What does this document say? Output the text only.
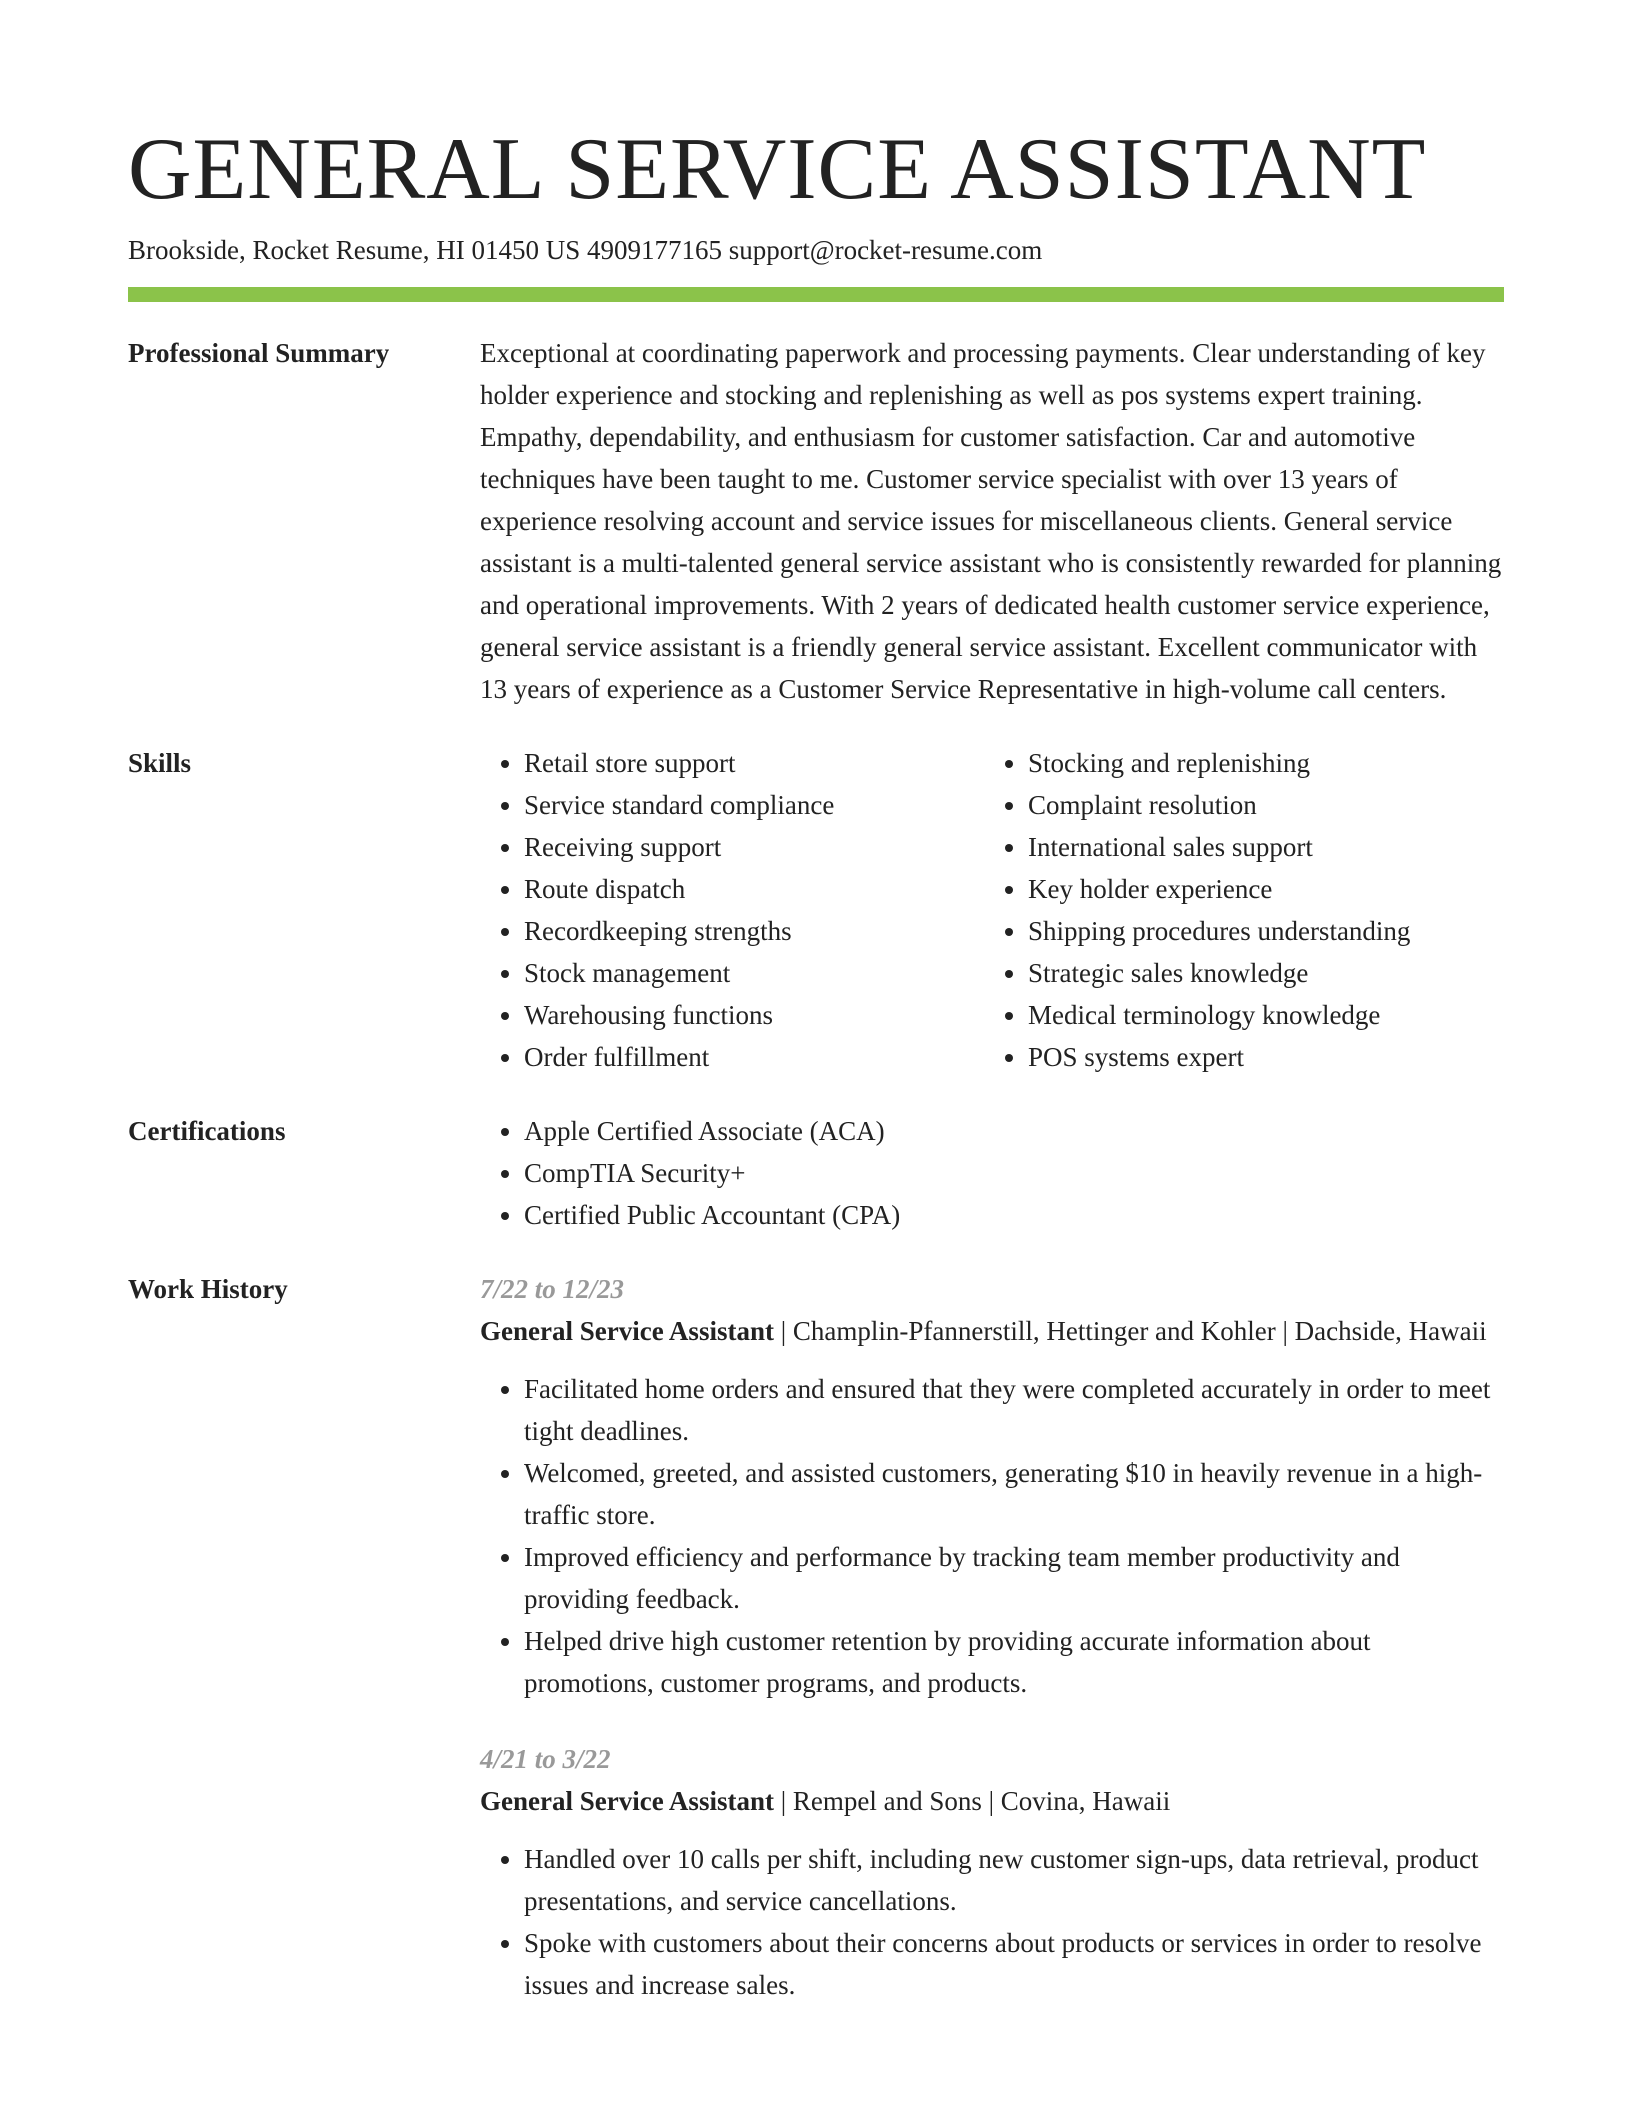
GENERAL SERVICE ASSISTANT
Brookside, Rocket Resume, HI 01450 US 4909177165 support@rocket-resume.com
Professional Summary	Exceptional at coordinating paperwork and processing payments. Clear understanding of key holder experience and stocking and replenishing as well as pos systems expert training. Empathy, dependability, and enthusiasm for customer satisfaction. Car and automotive techniques have been taught to me. Customer service specialist with over 13 years of experience resolving account and service issues for miscellaneous clients. General service assistant is a multi-talented general service assistant who is consistently rewarded for planning and operational improvements. With 2 years of dedicated health customer service experience, general service assistant is a friendly general service assistant. Excellent communicator with 13 years of experience as a Customer Service Representative in high-volume call centers.

Skills	• Retail store support
• Service standard compliance
• Receiving support
• Route dispatch
• Recordkeeping strengths
• Stock management
• Warehousing functions
• Order fulfillment
• Stocking and replenishing
• Complaint resolution
• International sales support
• Key holder experience
• Shipping procedures understanding
• Strategic sales knowledge
• Medical terminology knowledge
• POS systems expert
Certifications	• Apple Certified Associate (ACA)
• CompTIA Security+
• Certified Public Accountant (CPA)
Work History	7/22 to 12/23
General Service Assistant | Champlin-Pfannerstill, Hettinger and Kohler | Dachside, Hawaii
• Facilitated home orders and ensured that they were completed accurately in order to meet tight deadlines.
• Welcomed, greeted, and assisted customers, generating $10 in heavily revenue in a high-traffic store.
• Improved efficiency and performance by tracking team member productivity and providing feedback.
• Helped drive high customer retention by providing accurate information about promotions, customer programs, and products.
4/21 to 3/22
General Service Assistant | Rempel and Sons | Covina, Hawaii
• Handled over 10 calls per shift, including new customer sign-ups, data retrieval, product presentations, and service cancellations.
• Spoke with customers about their concerns about products or services in order to resolve issues and increase sales.
